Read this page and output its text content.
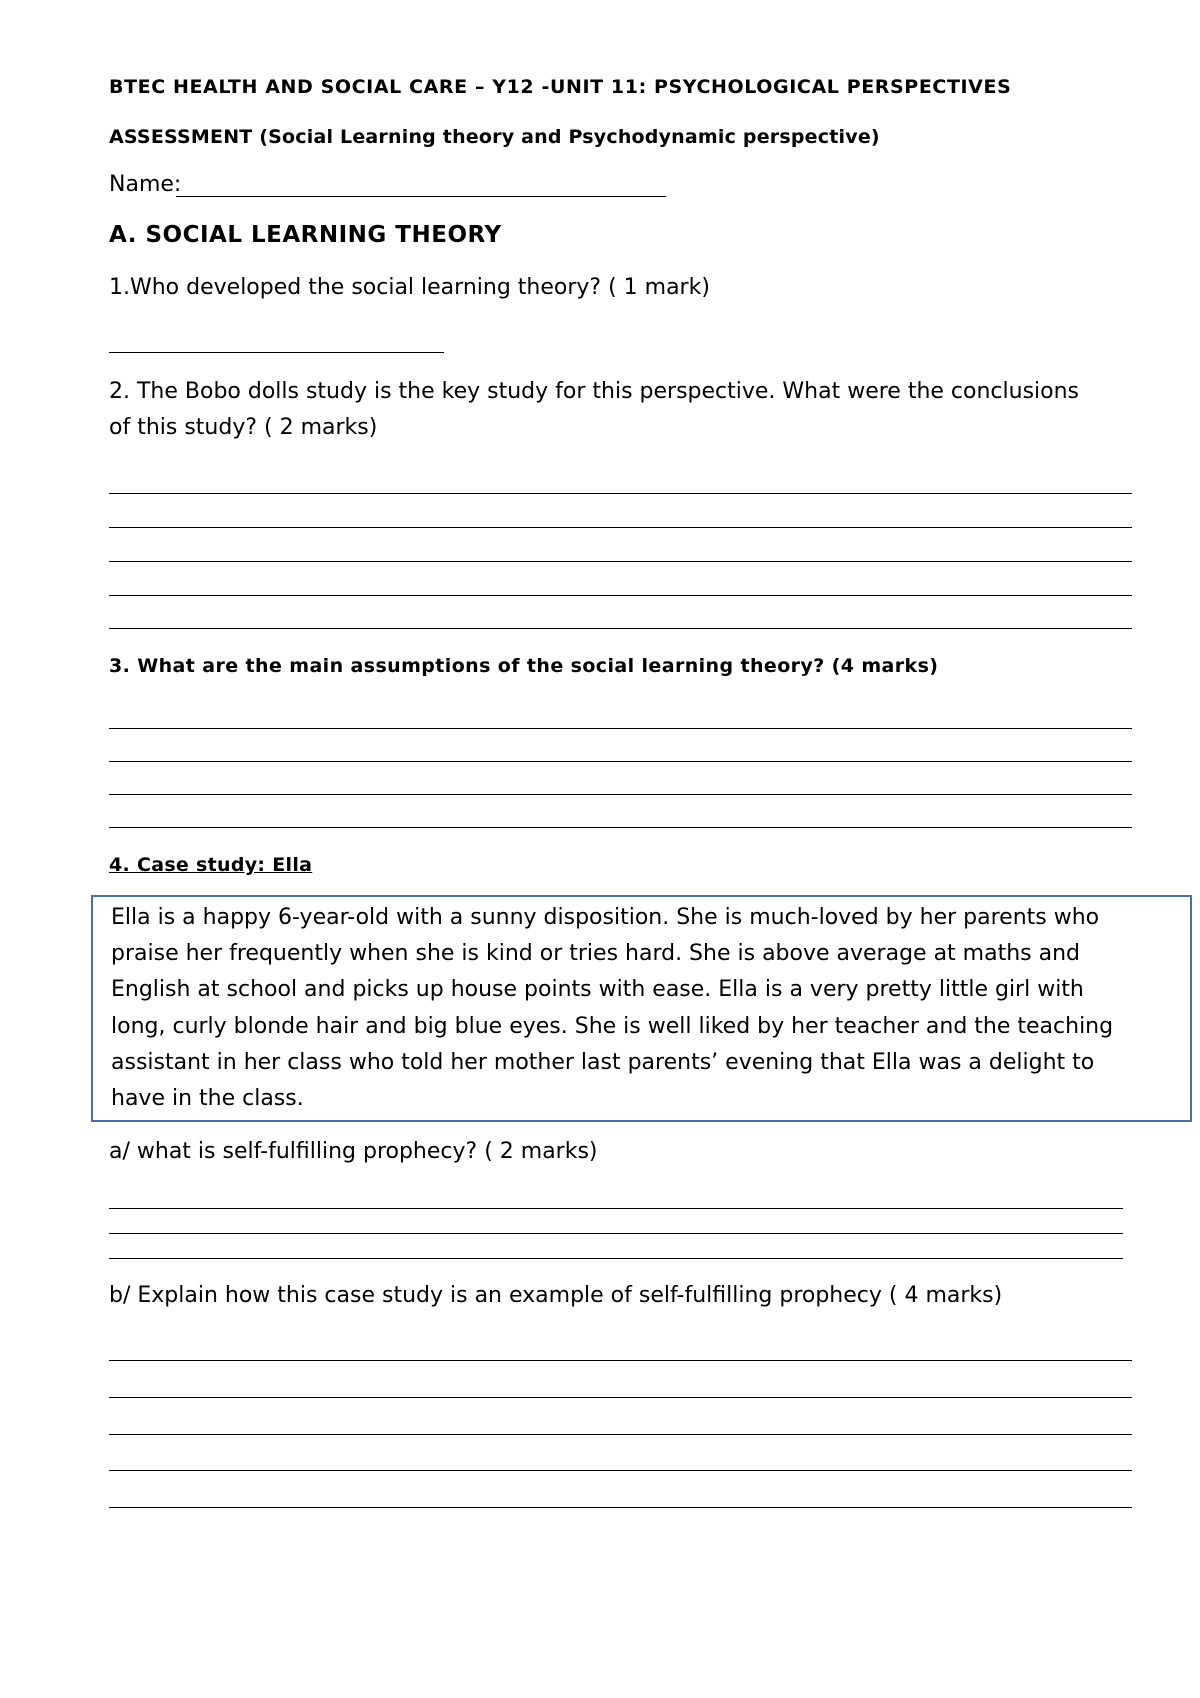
BTEC HEALTH AND SOCIAL CARE – Y12 -UNIT 11: PSYCHOLOGICAL PERSPECTIVES
ASSESSMENT (Social Learning theory and Psychodynamic perspective)
Name:
A. SOCIAL LEARNING THEORY
1.Who developed the social learning theory? ( 1 mark)
2. The Bobo dolls study is the key study for this perspective. What were the conclusions
of this study? ( 2 marks)
3. What are the main assumptions of the social learning theory? (4 marks)
4. Case study: Ella
Ella is a happy 6-year-old with a sunny disposition. She is much-loved by her parents who
praise her frequently when she is kind or tries hard. She is above average at maths and
English at school and picks up house points with ease. Ella is a very pretty little girl with
long, curly blonde hair and big blue eyes. She is well liked by her teacher and the teaching
assistant in her class who told her mother last parents’ evening that Ella was a delight to
have in the class.
a/ what is self-fulfilling prophecy? ( 2 marks)
b/ Explain how this case study is an example of self-fulfilling prophecy ( 4 marks)
